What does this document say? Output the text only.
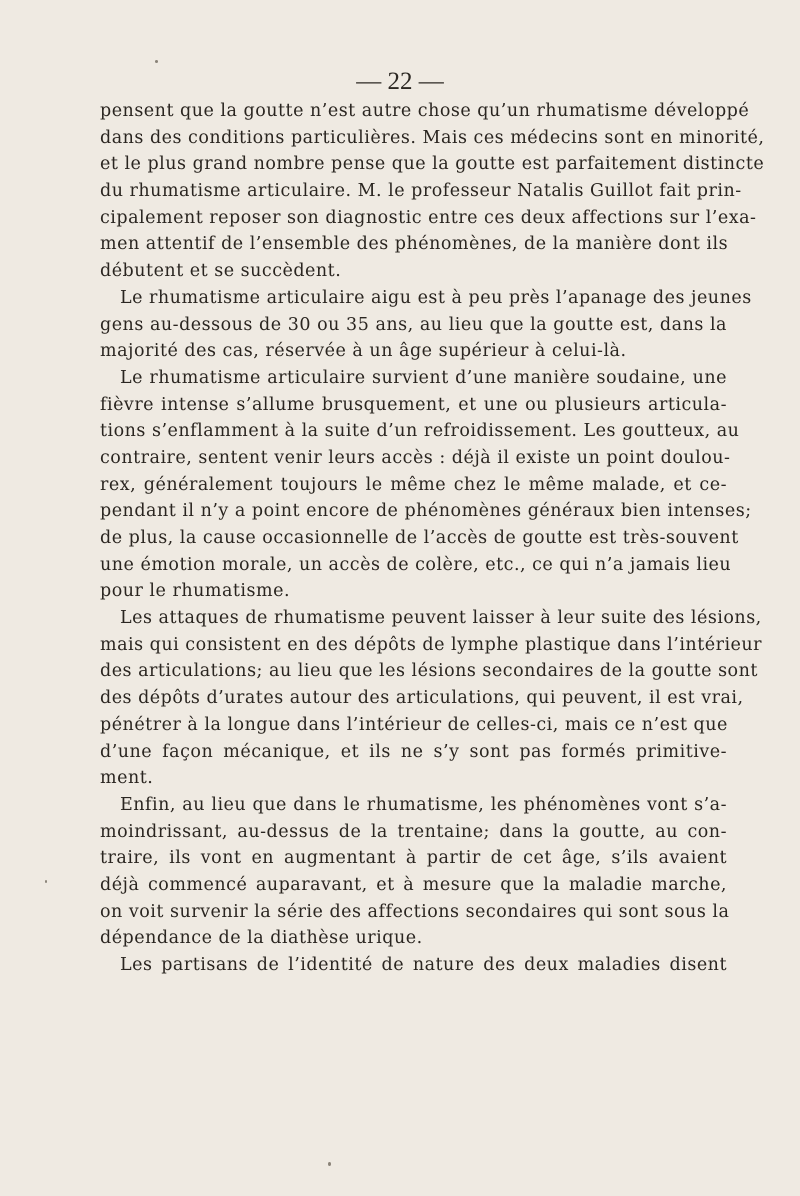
— 22 —
pensent que la goutte n’est autre chose qu’un rhumatisme développé
dans des conditions particulières. Mais ces médecins sont en minorité,
et le plus grand nombre pense que la goutte est parfaitement distincte
du rhumatisme articulaire. M. le professeur Natalis Guillot fait prin-
cipalement reposer son diagnostic entre ces deux affections sur l’exa-
men attentif de l’ensemble des phénomènes, de la manière dont ils
débutent et se succèdent.
Le rhumatisme articulaire aigu est à peu près l’apanage des jeunes
gens au-dessous de 30 ou 35 ans, au lieu que la goutte est, dans la
majorité des cas, réservée à un âge supérieur à celui-là.
Le rhumatisme articulaire survient d’une manière soudaine, une
fièvre intense s’allume brusquement, et une ou plusieurs articula-
tions s’enflamment à la suite d’un refroidissement. Les goutteux, au
contraire, sentent venir leurs accès : déjà il existe un point doulou-
rex, généralement toujours le même chez le même malade, et ce-
pendant il n’y a point encore de phénomènes généraux bien intenses;
de plus, la cause occasionnelle de l’accès de goutte est très-souvent
une émotion morale, un accès de colère, etc., ce qui n’a jamais lieu
pour le rhumatisme.
Les attaques de rhumatisme peuvent laisser à leur suite des lésions,
mais qui consistent en des dépôts de lymphe plastique dans l’intérieur
des articulations; au lieu que les lésions secondaires de la goutte sont
des dépôts d’urates autour des articulations, qui peuvent, il est vrai,
pénétrer à la longue dans l’intérieur de celles-ci, mais ce n’est que
d’une façon mécanique, et ils ne s’y sont pas formés primitive-
ment.
Enfin, au lieu que dans le rhumatisme, les phénomènes vont s’a-
moindrissant, au-dessus de la trentaine; dans la goutte, au con-
traire, ils vont en augmentant à partir de cet âge, s’ils avaient
déjà commencé auparavant, et à mesure que la maladie marche,
on voit survenir la série des affections secondaires qui sont sous la
dépendance de la diathèse urique.
Les partisans de l’identité de nature des deux maladies disent
